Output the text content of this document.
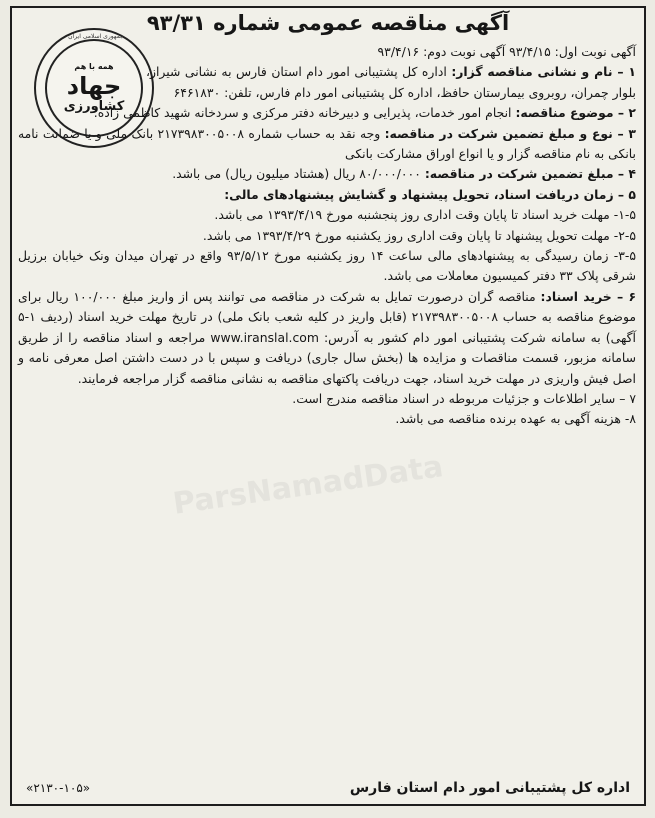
آگهی مناقصه عمومی شماره ۹۳/۳۱
جمهوری اسلامی ایران
همه با هم
جهاد
کشاورزی
ParsNamadData

آگهی نوبت اول: ۹۳/۴/۱۵ آگهی نوبت دوم: ۹۳/۴/۱۶

۱ – نام و نشانی مناقصه گزار: اداره کل پشتیبانی امور دام استان فارس به نشانی شیراز، بلوار چمران، روبروی بیمارستان حافظ، اداره کل پشتیبانی امور دام فارس، تلفن: ۶۴۶۱۸۳۰

۲ – موضوع مناقصه: انجام امور خدمات، پذیرایی و دبیرخانه دفتر مرکزی و سردخانه شهید کاظمی زاده.

۳ – نوع و مبلغ تضمین شرکت در مناقصه: وجه نقد به حساب شماره ۲۱۷۳۹۸۳۰۰۵۰۰۸ بانک ملی و یا ضمانت نامه بانکی به نام مناقصه گزار و یا انواع اوراق مشارکت بانکی

۴ – مبلغ تضمین شرکت در مناقصه: ۸۰/۰۰۰/۰۰۰ ریال (هشتاد میلیون ریال) می باشد.

۵ – زمان دریافت اسناد، تحویل پیشنهاد و گشایش پیشنهادهای مالی:

۱-۵- مهلت خرید اسناد تا پایان وقت اداری روز پنجشنبه مورخ ۱۳۹۳/۴/۱۹ می باشد.

۲-۵- مهلت تحویل پیشنهاد تا پایان وقت اداری روز یکشنبه مورخ ۱۳۹۳/۴/۲۹ می باشد.

۳-۵- زمان رسیدگی به پیشنهادهای مالی ساعت ۱۴ روز یکشنبه مورخ ۹۳/۵/۱۲ واقع در تهران میدان ونک خیابان برزیل شرقی پلاک ۳۳ دفتر کمیسیون معاملات می باشد.

۶ – خرید اسناد: مناقصه گران درصورت تمایل به شرکت در مناقصه می توانند پس از واریز مبلغ ۱۰۰/۰۰۰ ریال برای موضوع مناقصه به حساب ۲۱۷۳۹۸۳۰۰۵۰۰۸ (قابل واریز در کلیه شعب بانک ملی) در تاریخ مهلت خرید اسناد (ردیف ۱-۵ آگهی) به سامانه شرکت پشتیبانی امور دام کشور به آدرس: www.iranslal.com مراجعه و اسناد مناقصه را از طریق سامانه مزبور، قسمت مناقصات و مزایده ها (بخش سال جاری) دریافت و سپس با در دست داشتن اصل معرفی نامه و اصل فیش واریزی در مهلت خرید اسناد، جهت دریافت پاکتهای مناقصه به نشانی مناقصه گزار مراجعه فرمایند.

۷ – سایر اطلاعات و جزئیات مربوطه در اسناد مناقصه مندرج است.

۸- هزینه آگهی به عهده برنده مناقصه می باشد.

اداره کل پشتیبانی امور دام استان فارس
«۲۱۳۰-۱۰۵»
